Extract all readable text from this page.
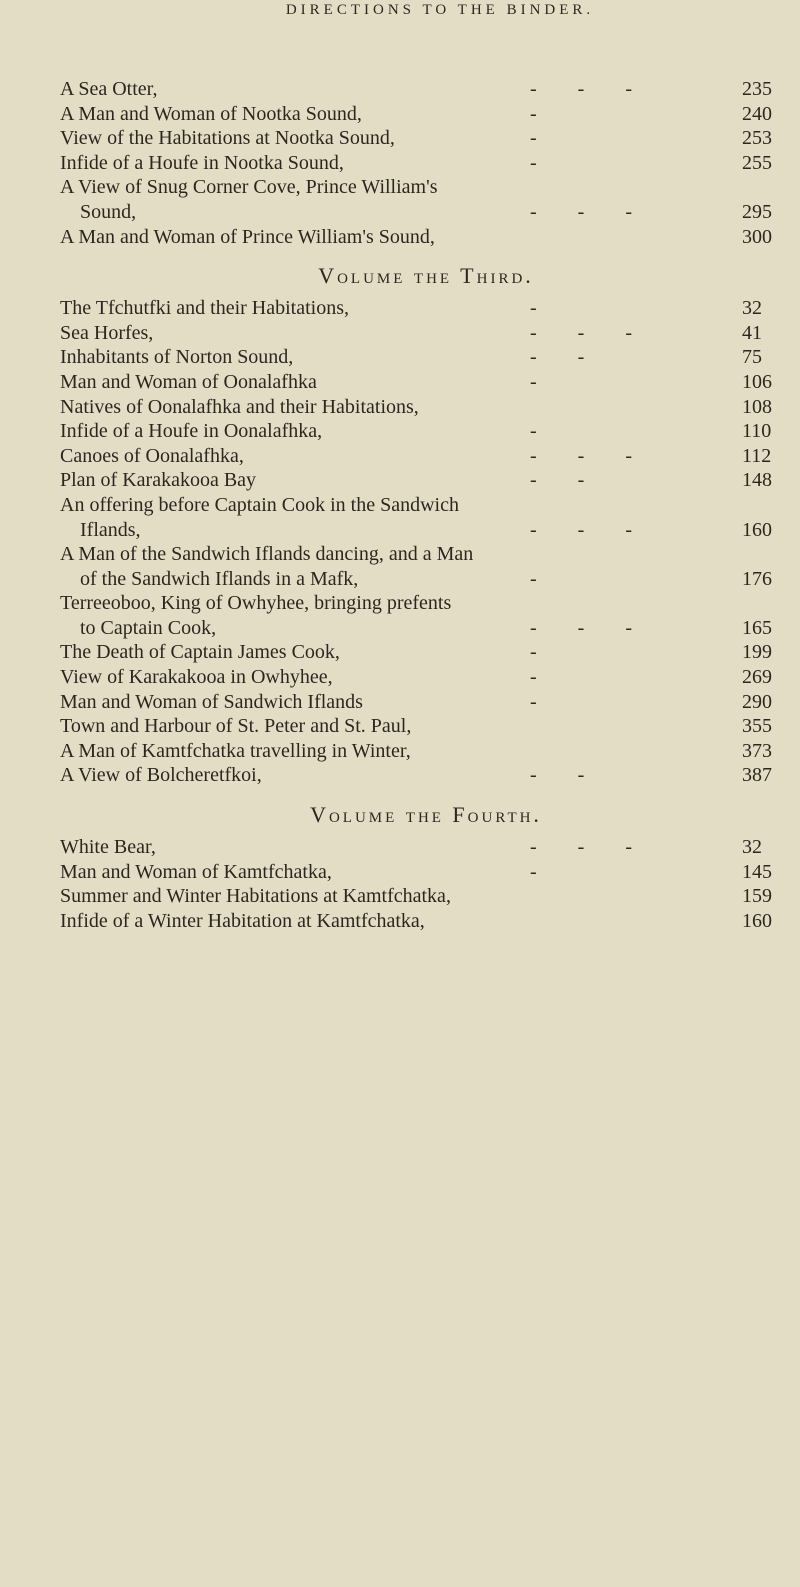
DIRECTIONS TO THE BINDER.
A Sea Otter,	- - -	235
A Man and Woman of Nootka Sound,	-	240
View of the Habitations at Nootka Sound,	-	253
Infide of a Houfe in Nootka Sound,	-	255
A View of Snug Corner Cove, Prince William's
Sound,	- - -	295
A Man and Woman of Prince William's Sound,	300
Volume the Third.
The Tfchutfki and their Habitations,	-	32
Sea Horfes,	- - -	41
Inhabitants of Norton Sound,	- -	75
Man and Woman of Oonalafhka	-	106
Natives of Oonalafhka and their Habitations,	108
Infide of a Houfe in Oonalafhka,	-	110
Canoes of Oonalafhka,	- - -	112
Plan of Karakakooa Bay	- -	148
An offering before Captain Cook in the Sandwich
Iflands,	- - -	160
A Man of the Sandwich Iflands dancing, and a Man
of the Sandwich Iflands in a Mafk,	-	176
Terreeoboo, King of Owhyhee, bringing prefents
to Captain Cook,	- - -	165
The Death of Captain James Cook,	-	199
View of Karakakooa in Owhyhee,	-	269
Man and Woman of Sandwich Iflands	-	290
Town and Harbour of St. Peter and St. Paul,	355
A Man of Kamtfchatka travelling in Winter,	373
A View of Bolcheretfkoi,	- -	387
Volume the Fourth.
White Bear,	- - -	32
Man and Woman of Kamtfchatka,	-	145
Summer and Winter Habitations at Kamtfchatka,	159
Infide of a Winter Habitation at Kamtfchatka,	160
